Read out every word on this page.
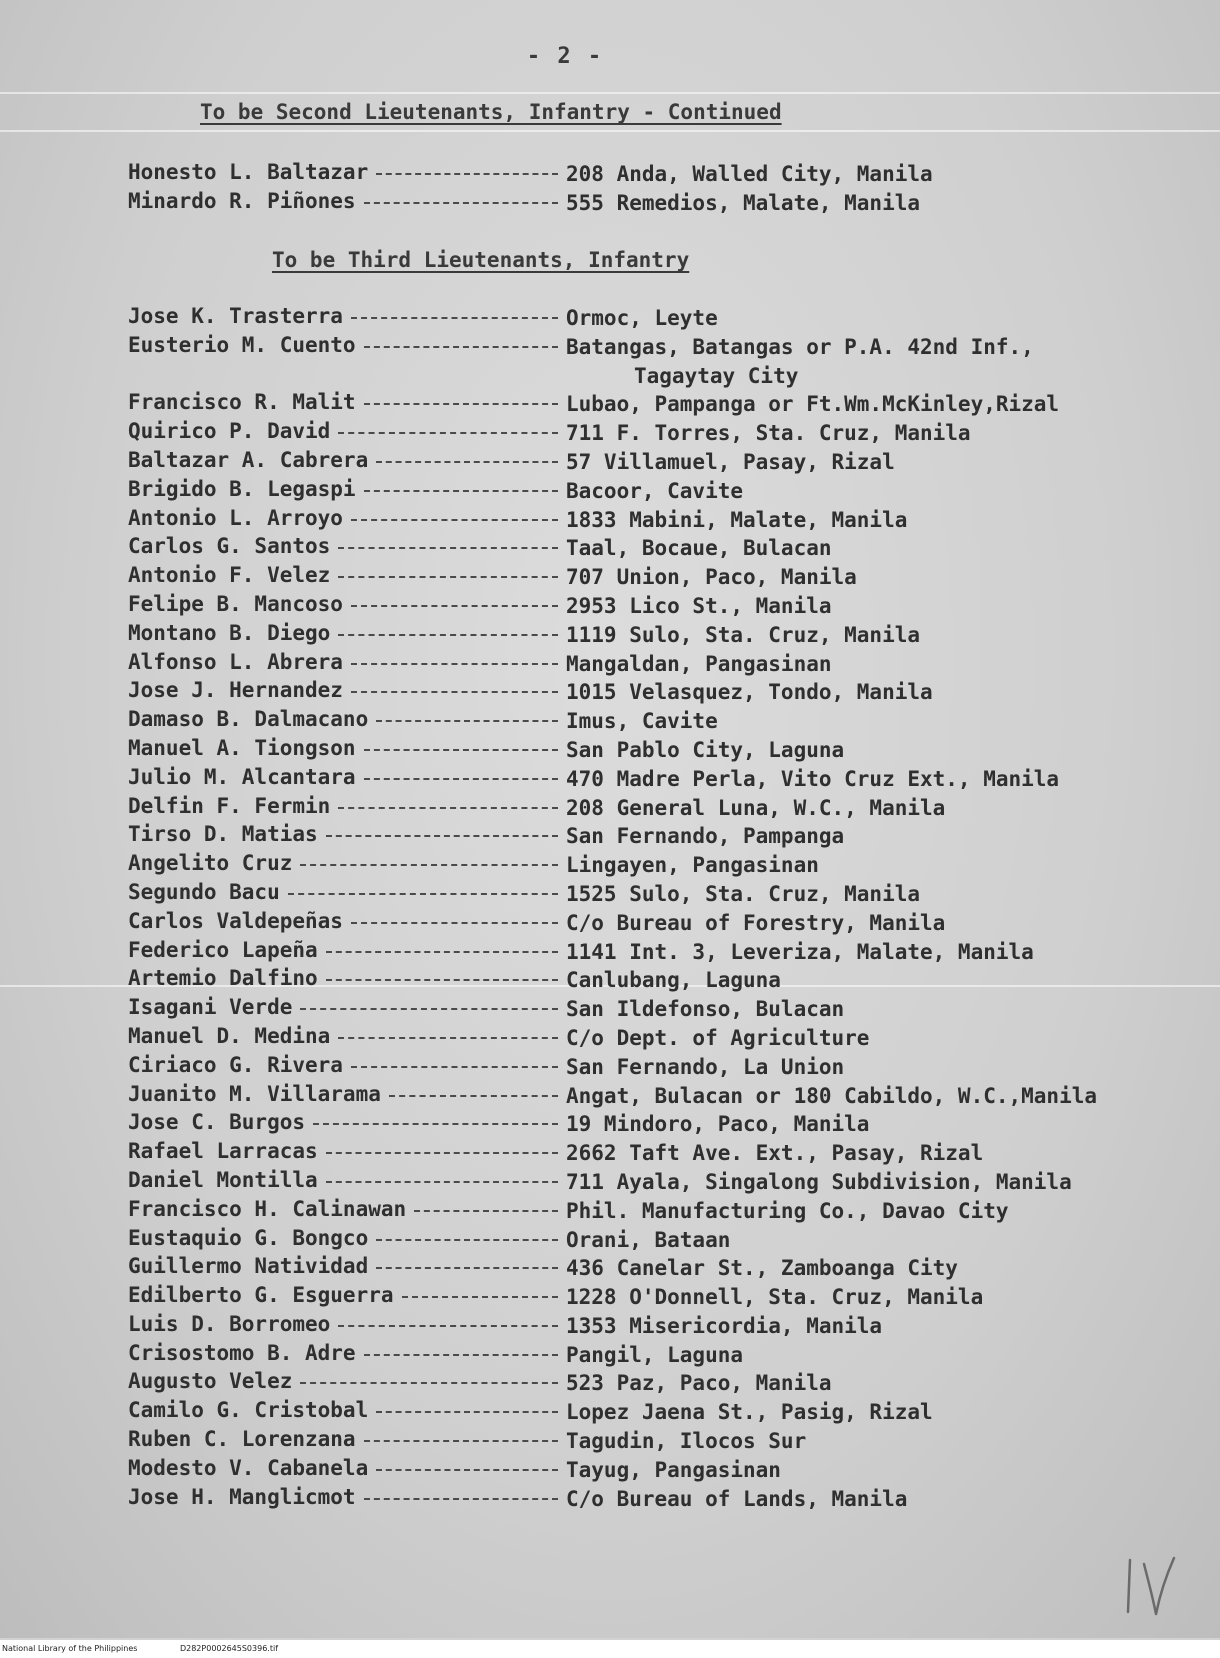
- 2 -
To be Second Lieutenants, Infantry - Continued
Honesto L. Baltazar	208 Anda, Walled City, Manila
Minardo R. Piñones	555 Remedios, Malate, Manila
To be Third Lieutenants, Infantry
Jose K. Trasterra	Ormoc, Leyte
Eusterio M. Cuento	Batangas, Batangas or P.A. 42nd Inf.,
Tagaytay City
Francisco R. Malit	Lubao, Pampanga or Ft.Wm.McKinley,Rizal
Quirico P. David	711 F. Torres, Sta. Cruz, Manila
Baltazar A. Cabrera	57 Villamuel, Pasay, Rizal
Brigido B. Legaspi	Bacoor, Cavite
Antonio L. Arroyo	1833 Mabini, Malate, Manila
Carlos G. Santos	Taal, Bocaue, Bulacan
Antonio F. Velez	707 Union, Paco, Manila
Felipe B. Mancoso	2953 Lico St., Manila
Montano B. Diego	1119 Sulo, Sta. Cruz, Manila
Alfonso L. Abrera	Mangaldan, Pangasinan
Jose J. Hernandez	1015 Velasquez, Tondo, Manila
Damaso B. Dalmacano	Imus, Cavite
Manuel A. Tiongson	San Pablo City, Laguna
Julio M. Alcantara	470 Madre Perla, Vito Cruz Ext., Manila
Delfin F. Fermin	208 General Luna, W.C., Manila
Tirso D. Matias	San Fernando, Pampanga
Angelito Cruz	Lingayen, Pangasinan
Segundo Bacu	1525 Sulo, Sta. Cruz, Manila
Carlos Valdepeñas	C/o Bureau of Forestry, Manila
Federico Lapeña	1141 Int. 3, Leveriza, Malate, Manila
Artemio Dalfino	Canlubang, Laguna
Isagani Verde	San Ildefonso, Bulacan
Manuel D. Medina	C/o Dept. of Agriculture
Ciriaco G. Rivera	San Fernando, La Union
Juanito M. Villarama	Angat, Bulacan or 180 Cabildo, W.C.,Manila
Jose C. Burgos	19 Mindoro, Paco, Manila
Rafael Larracas	2662 Taft Ave. Ext., Pasay, Rizal
Daniel Montilla	711 Ayala, Singalong Subdivision, Manila
Francisco H. Calinawan	Phil. Manufacturing Co., Davao City
Eustaquio G. Bongco	Orani, Bataan
Guillermo Natividad	436 Canelar St., Zamboanga City
Edilberto G. Esguerra	1228 O'Donnell, Sta. Cruz, Manila
Luis D. Borromeo	1353 Misericordia, Manila
Crisostomo B. Adre	Pangil, Laguna
Augusto Velez	523 Paz, Paco, Manila
Camilo G. Cristobal	Lopez Jaena St., Pasig, Rizal
Ruben C. Lorenzana	Tagudin, Ilocos Sur
Modesto V. Cabanela	Tayug, Pangasinan
Jose H. Manglicmot	C/o Bureau of Lands, Manila
National Library of the Philippines	D282P0002645S0396.tif
